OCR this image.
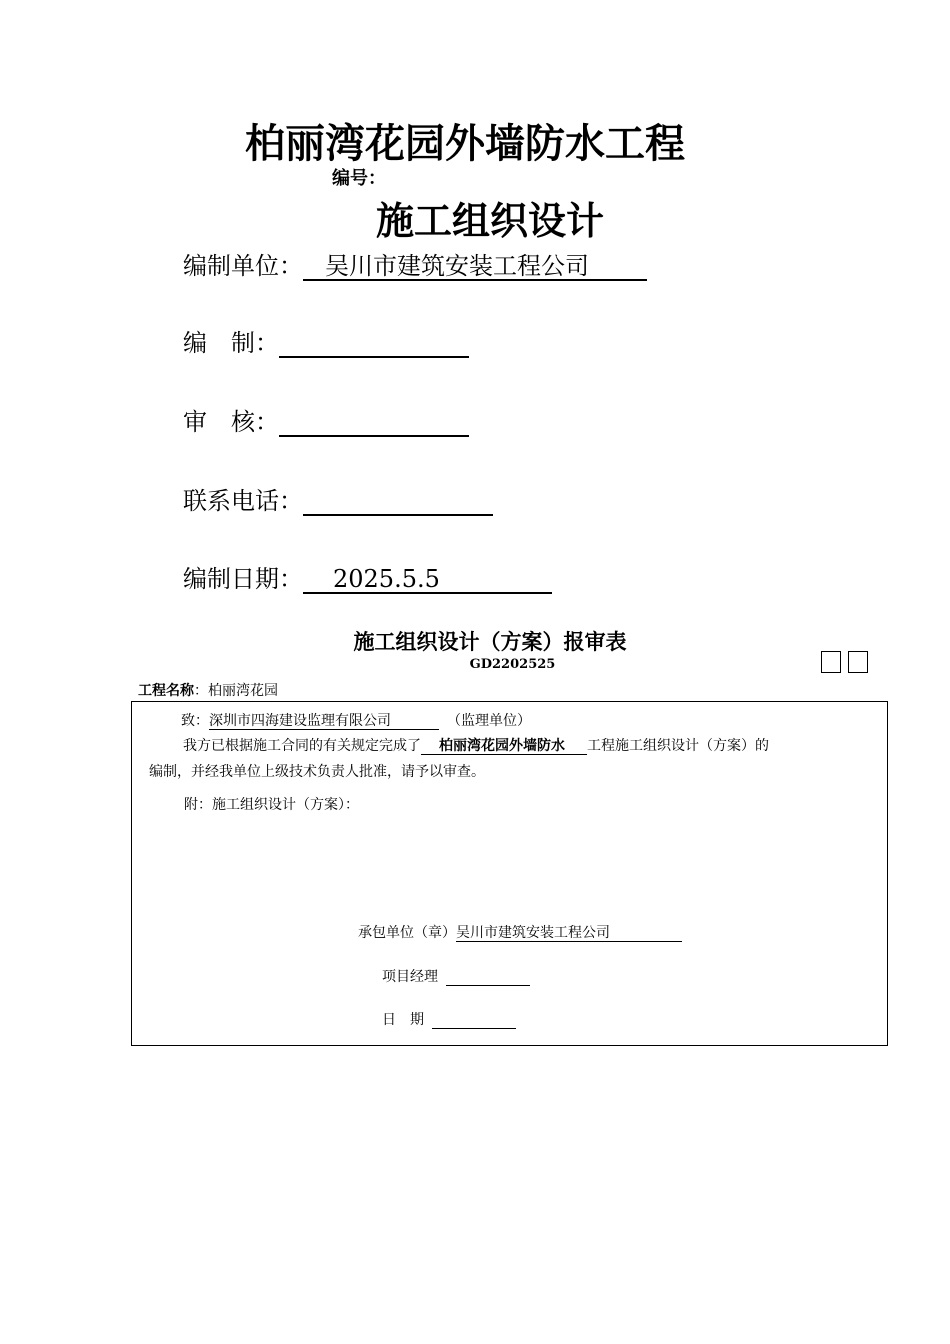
柏丽湾花园外墙防水工程
编号：
施工组织设计
编制单位： 吴川市建筑安装工程公司
编　制：
审　核：
联系电话：
编制日期： 2025.5.5
施工组织设计（方案）报审表
GD2202525
工程名称：柏丽湾花园
致：深圳市四海建设监理有限公司	（监理单位）
我方已根据施工合同的有关规定完成了 柏丽湾花园外墙防水 工程施工组织设计（方案）的
编制，并经我单位上级技术负责人批准，请予以审查。
附：施工组织设计（方案）：
承包单位（章）吴川市建筑安装工程公司
项目经理
日　期
